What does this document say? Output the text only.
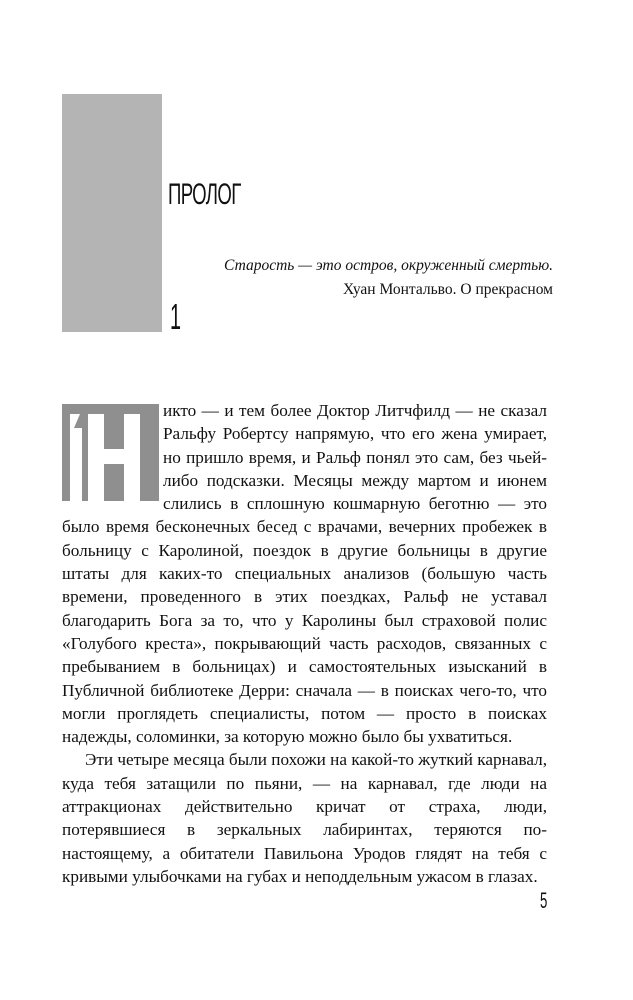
ПРОЛОГ
1
Старость — это остров, окруженный смертью.
Хуан Монтальво. О прекрасном

икто — и тем более Доктор Литчфилд — не сказал Ральфу Робертсу напрямую, что его жена умирает, но пришло время, и Ральф понял это сам, без чьей-либо подсказки. Месяцы между мартом и июнем слились в сплошную кошмарную беготню — это было время бесконечных бесед с врачами, вечерних пробежек в больницу с Каролиной, поездок в другие больницы в другие штаты для каких-то специальных анализов (большую часть времени, проведенного в этих поездках, Ральф не уставал благодарить Бога за то, что у Каролины был страховой полис «Голубого креста», покрывающий часть расходов, связанных с пребыванием в больницах) и самостоятельных изысканий в Публичной библиотеке Дерри: сначала — в поисках чего-то, что могли проглядеть специалисты, потом — просто в поисках надежды, соломинки, за которую можно было бы ухватиться.

Эти четыре месяца были похожи на какой-то жуткий карнавал, куда тебя затащили по пьяни, — на карнавал, где люди на аттракционах действительно кричат от страха, люди, потерявшиеся в зеркальных лабиринтах, теряются по-настоящему, а обитатели Павильона Уродов глядят на тебя с кривыми улыбочками на губах и неподдельным ужасом в глазах.

5
